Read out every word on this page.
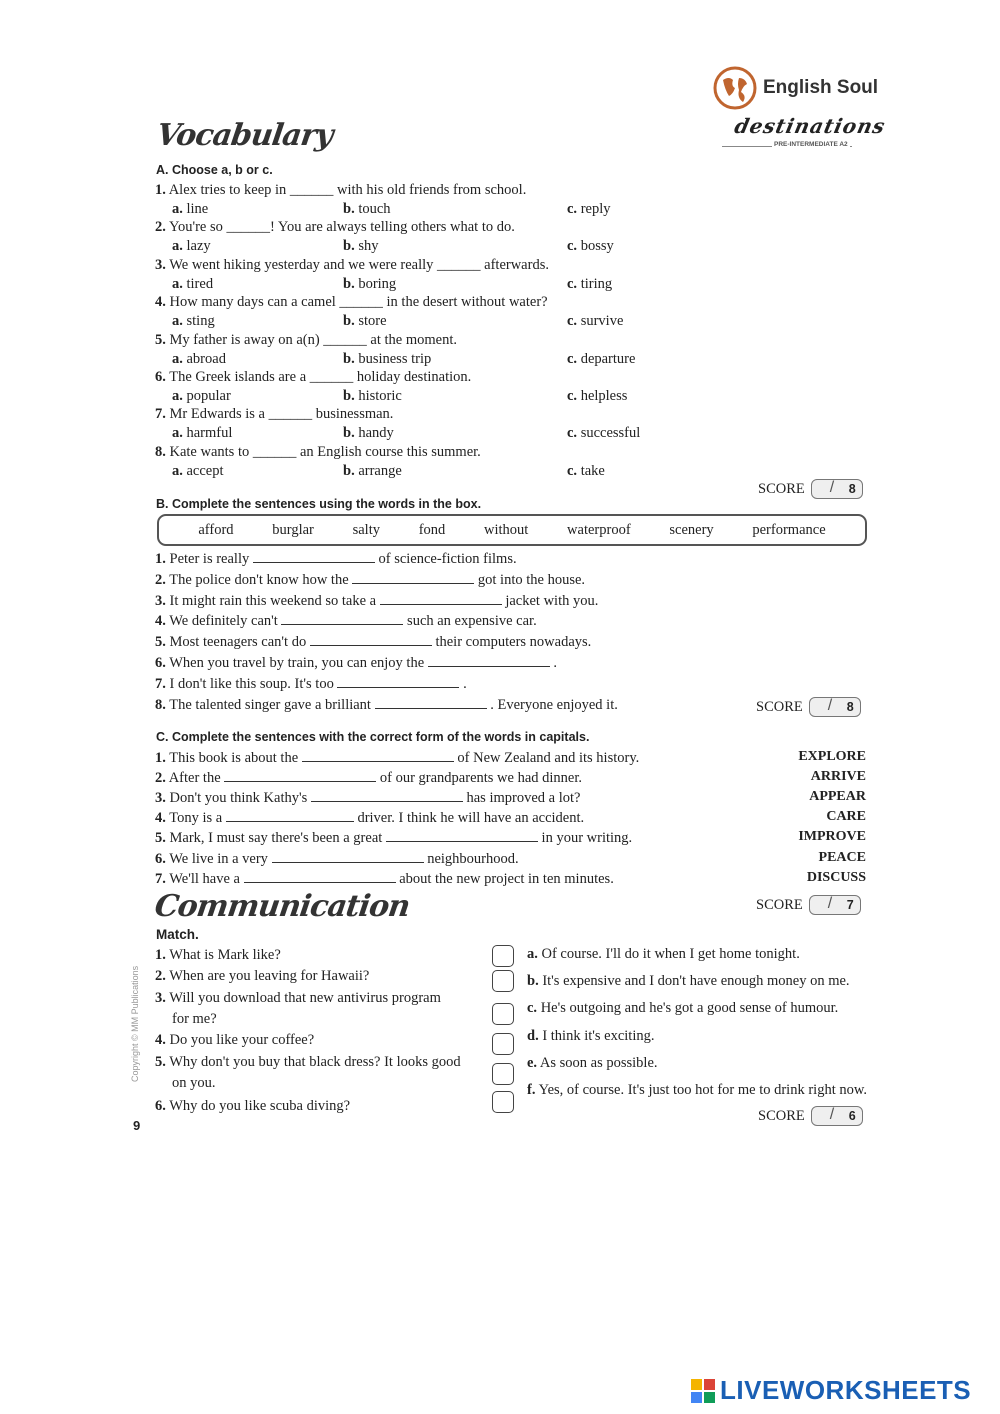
English Soul
destinations
PRE-INTERMEDIATE A2
Vocabulary
A. Choose a, b or c.
1. Alex tries to keep in ______ with his old friends from school.
a. line	b. touch	c. reply
2. You're so ______! You are always telling others what to do.
a. lazy	b. shy	c. bossy
3. We went hiking yesterday and we were really ______ afterwards.
a. tired	b. boring	c. tiring
4. How many days can a camel ______ in the desert without water?
a. sting	b. store	c. survive
5. My father is away on a(n) ______ at the moment.
a. abroad	b. business trip	c. departure
6. The Greek islands are a ______ holiday destination.
a. popular	b. historic	c. helpless
7. Mr Edwards is a ______ businessman.
a. harmful	b. handy	c. successful
8. Kate wants to ______ an English course this summer.
a. accept	b. arrange	c. take
SCORE / 8
B. Complete the sentences using the words in the box.
afford	burglar	salty	fond	without	waterproof	scenery	performance
1. Peter is really	of science-fiction films.
2. The police don't know how the	got into the house.
3. It might rain this weekend so take a	jacket with you.
4. We definitely can't	such an expensive car.
5. Most teenagers can't do	their computers nowadays.
6. When you travel by train, you can enjoy the	.
7. I don't like this soup. It's too	.
8. The talented singer gave a brilliant	. Everyone enjoyed it.	SCORE / 8
C. Complete the sentences with the correct form of the words in capitals.
1. This book is about the	of New Zealand and its history.	EXPLORE
2. After the	of our grandparents we had dinner.	ARRIVE
3. Don't you think Kathy's	has improved a lot?	APPEAR
4. Tony is a	driver. I think he will have an accident.	CARE
5. Mark, I must say there's been a great	in your writing.	IMPROVE
6. We live in a very	neighbourhood.	PEACE
7. We'll have a	about the new project in ten minutes.	DISCUSS
SCORE / 7
Communication
Match.
1. What is Mark like?
2. When are you leaving for Hawaii?
3. Will you download that new antivirus program
for me?
4. Do you like your coffee?
5. Why don't you buy that black dress? It looks good
on you.
6. Why do you like scuba diving?
a. Of course. I'll do it when I get home tonight.
b. It's expensive and I don't have enough money on me.
c. He's outgoing and he's got a good sense of humour.
d. I think it's exciting.
e. As soon as possible.
f. Yes, of course. It's just too hot for me to drink right now.
SCORE / 6
Copyright © MM Publications
6
LIVEWORKSHEETS
